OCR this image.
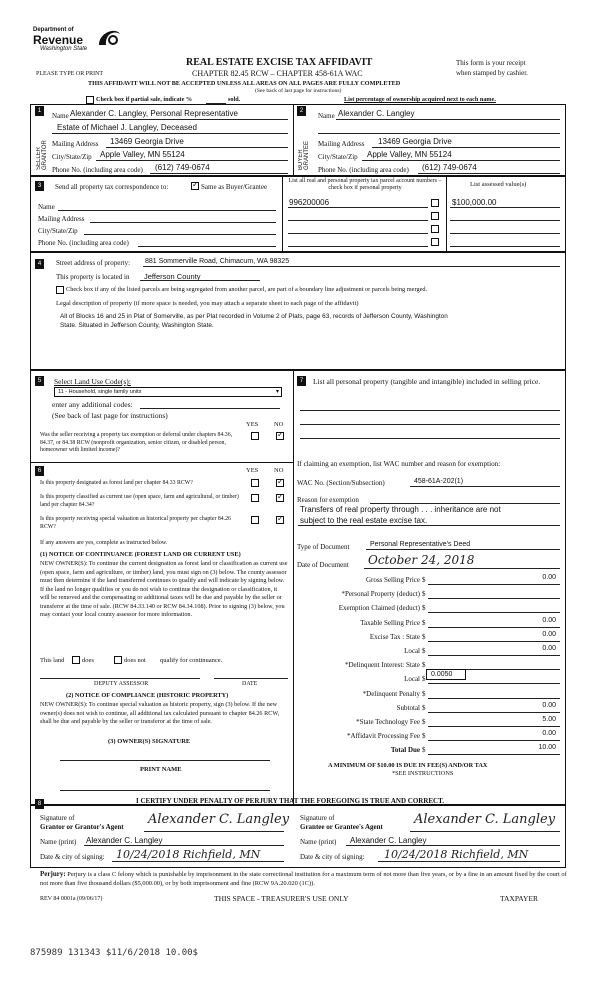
Department of
Revenue
Washington State
PLEASE TYPE OR PRINT
REAL ESTATE EXCISE TAX AFFIDAVIT
CHAPTER 82.45 RCW – CHAPTER 458-61A WAC
THIS AFFIDAVIT WILL NOT BE ACCEPTED UNLESS ALL AREAS ON ALL PAGES ARE FULLY COMPLETED
(See back of last page for instructions)
This form is your receipt
when stamped by cashier.
Check box if partial sale, indicate %	sold.	List percentage of ownership acquired next to each name.
1
SELLER GRANTOR
Name Alexander C. Langley, Personal Representative
Estate of Michael J. Langley, Deceased
Mailing Address 13469 Georgia Drive
City/State/Zip Apple Valley, MN 55124
Phone No. (including area code) (612) 749-0674
2
BUYER GRANTEE
Name Alexander C. Langley
Mailing Address 13469 Georgia Drive
City/State/Zip Apple Valley, MN 55124
Phone No. (including area code) (612) 749-0674
3	Send all property tax correspondence to:
✓	Same as Buyer/Grantee
Name
Mailing Address
City/State/Zip
Phone No. (including area code)
List all real and personal property tax parcel account numbers – check box if personal property	List assessed value(s)
996200006	$100,000.00
4	Street address of property: 881 Sommerville Road, Chimacum, WA 98325
This property is located in Jefferson County
Check box if any of the listed parcels are being segregated from another parcel, are part of a boundary line adjustment or parcels being merged.
Legal description of property (if more space is needed, you may attach a separate sheet to each page of the affidavit)
All of Blocks 16 and 25 in Plat of Somerville, as per Plat recorded in Volume 2 of Plats, page 63, records of Jefferson County, Washington
State. Situated in Jefferson County, Washington State.
5	Select Land Use Code(s):
11 - Household, single family units	▾
enter any additional codes:
(See back of last page for instructions)
YES NO
Was the seller receiving a property tax exemption or deferral under chapters 84.36, 84.37, or 84.38 RCW (nonprofit organization, senior citizen, or disabled person, homeowner with limited income)?
✓
7	List all personal property (tangible and intangible) included in selling price.
6	YES NO
Is this property designated as forest land per chapter 84.33 RCW?
✓
Is this property classified as current use (open space, farm and agricultural, or timber) land per chapter 84.34?
✓
Is this property receiving special valuation as historical property per chapter 84.26 RCW?
✓
If any answers are yes, complete as instructed below.
(1) NOTICE OF CONTINUANCE (FOREST LAND OR CURRENT USE)
NEW OWNER(S): To continue the current designation as forest land or classification as current use (open space, farm and agriculture, or timber) land, you must sign on (3) below. The county assessor must then determine if the land transferred continues to qualify and will indicate by signing below. If the land no longer qualifies or you do not wish to continue the designation or classification, it will be removed and the compensating or additional taxes will be due and payable by the seller or transferor at the time of sale. (RCW 84.33.140 or RCW 84.34.108). Prior to signing (3) below, you may contact your local county assessor for more information.
This land	does	does not qualify for continuance.
DEPUTY ASSESSOR	DATE
(2) NOTICE OF COMPLIANCE (HISTORIC PROPERTY)
NEW OWNER(S): To continue special valuation as historic property, sign (3) below. If the new owner(s) does not wish to continue, all additional tax calculated pursuant to chapter 84.26 RCW, shall be due and payable by the seller or transferor at the time of sale.
(3) OWNER(S) SIGNATURE
PRINT NAME
If claiming an exemption, list WAC number and reason for exemption:
WAC No. (Section/Subsection)	458-61A-202(1)
Reason for exemption
Transfers of real property through . . . inheritance are not
subject to the real estate excise tax.
Type of Document	Personal Representative's Deed
Date of Document October 24, 2018
Gross Selling Price $	0.00
*Personal Property (deduct) $
Exemption Claimed (deduct) $
Taxable Selling Price $	0.00
Excise Tax : State $	0.00
Local $	0.00
*Delinquent Interest: State $
Local $
*Delinquent Penalty $
Subtotal $	0.00
*State Technology Fee $	5.00
*Affidavit Processing Fee $	0.00
Total Due $	10.00
0.0050
A MINIMUM OF $10.00 IS DUE IN FEE(S) AND/OR TAX
*SEE INSTRUCTIONS
8	I CERTIFY UNDER PENALTY OF PERJURY THAT THE FOREGOING IS TRUE AND CORRECT.
Signature of
Grantor or Grantor's Agent Alexander C. Langley
Name (print) Alexander C. Langley
Date & city of signing: 10/24/2018 Richfield, MN
Signature of
Grantee or Grantee's Agent Alexander C. Langley
Name (print) Alexander C. Langley
Date & city of signing: 10/24/2018 Richfield, MN
Perjury: Perjury is a class C felony which is punishable by imprisonment in the state correctional institution for a maximum term of not more than five years, or by a fine in an amount fixed by the court of not more than five thousand dollars ($5,000.00), or by both imprisonment and fine (RCW 9A.20.020 (1C)).
REV 84 0001a (09/06/17)	THIS SPACE - TREASURER'S USE ONLY	TAXPAYER
875989 131343 $11/6/2018 10.00$
